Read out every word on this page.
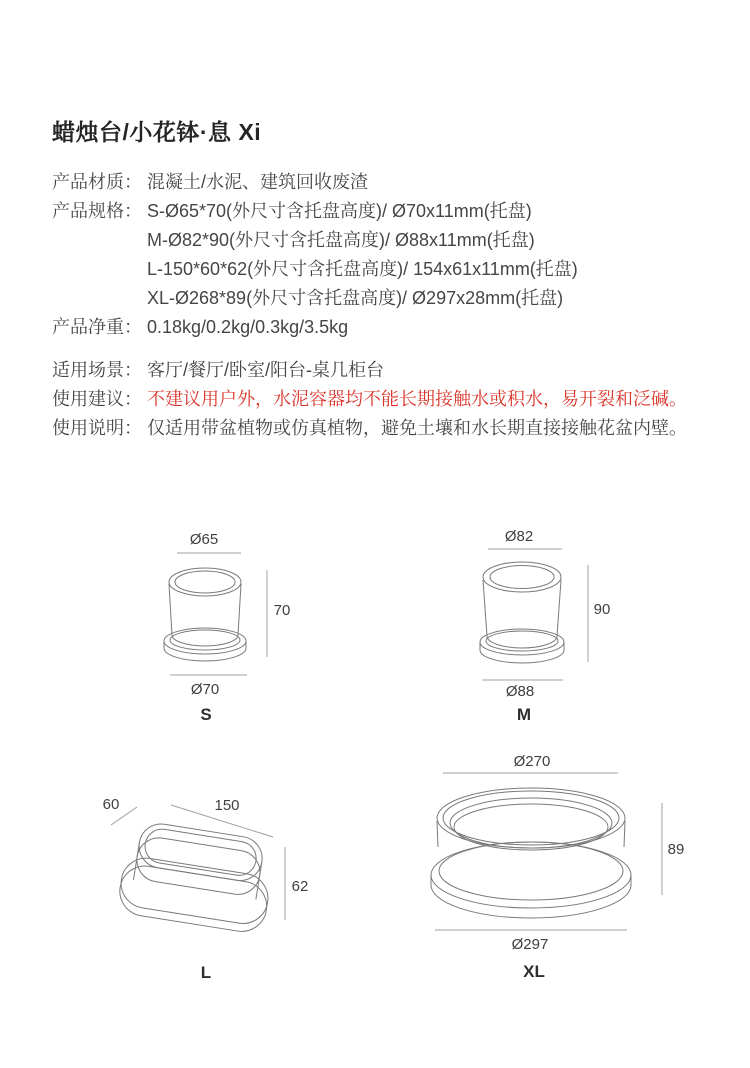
蜡烛台/小花钵·息 Xi
产品材质： 混凝土/水泥、建筑回收废渣
产品规格： S-Ø65*70(外尺寸含托盘高度)/ Ø70x11mm(托盘)
M-Ø82*90(外尺寸含托盘高度)/ Ø88x11mm(托盘)
L-150*60*62(外尺寸含托盘高度)/ 154x61x11mm(托盘)
XL-Ø268*89(外尺寸含托盘高度)/ Ø297x28mm(托盘)
产品净重： 0.18kg/0.2kg/0.3kg/3.5kg
适用场景： 客厅/餐厅/卧室/阳台-桌几柜台
使用建议： 不建议用户外，水泥容器均不能长期接触水或积水，易开裂和泛碱。
使用说明： 仅适用带盆植物或仿真植物，避免土壤和水长期直接接触花盆内壁。
Ø65
70
Ø70
S
Ø82
90
Ø88
M
60	150
62
L
Ø270
89
Ø297
XL
